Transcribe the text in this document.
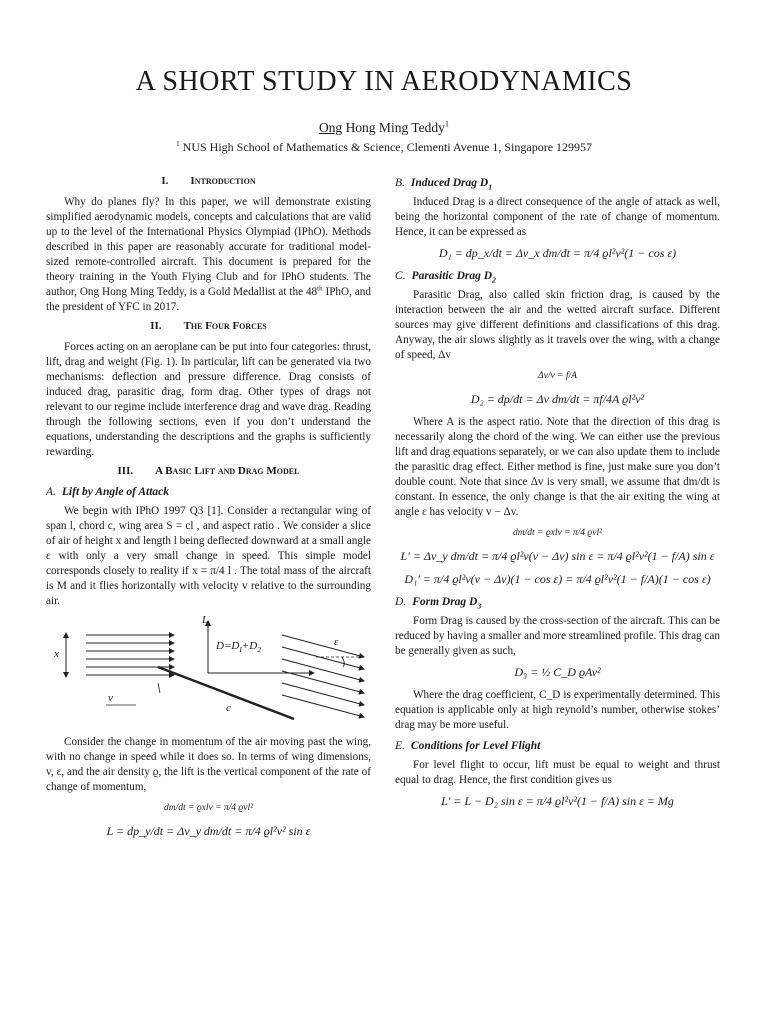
A SHORT STUDY IN AERODYNAMICS
Ong Hong Ming Teddy$^1$
$^1$ NUS High School of Mathematics & Science, Clementi Avenue 1, Singapore 129957
I. Introduction

Why do planes fly? In this paper, we will demonstrate existing simplified aerodynamic models, concepts and calculations that are valid up to the level of the International Physics Olympiad (IPhO). Methods described in this paper are reasonably accurate for traditional model-sized remote-controlled aircraft. This document is prepared for the theory training in the Youth Flying Club and for IPhO students. The author, Ong Hong Ming Teddy, is a Gold Medallist at the 48th IPhO, and the president of YFC in 2017.

II. The Four Forces

Forces acting on an aeroplane can be put into four categories: thrust, lift, drag and weight (Fig. 1). In particular, lift can be generated via two mechanisms: deflection and pressure difference. Drag consists of induced drag, parasitic drag, form drag. Other types of drags not relevant to our regime include interference drag and wave drag. Reading through the following sections, even if you don’t understand the equations, understanding the descriptions and the graphs is sufficiently rewarding.

III. A Basic Lift and Drag Model
A. Lift by Angle of Attack

We begin with IPhO 1997 Q3 [1]. Consider a rectangular wing of span l, chord c, wing area S = cl , and aspect ratio . We consider a slice of air of height x and length l being deflected downward at a small angle ε with only a very small change in speed. This simple model corresponds closely to reality if x = π/4 l . The total mass of the aircraft is M and it flies horizontally with velocity v relative to the surrounding air.

L
$D=D_I+D_2$
x
v
c
ε

Consider the change in momentum of the air moving past the wing, with no change in speed while it does so. In terms of wing dimensions, v, ε, and the air density ϱ, the lift is the vertical component of the rate of change of momentum,

dm/dt = ϱxlv = π/4 ϱvl²
L = dp_y/dt = Δv_y dm/dt = π/4 ϱl²v² sin ε
B. Induced Drag $D_1$

Induced Drag is a direct consequence of the angle of attack as well, being the horizontal component of the rate of change of momentum. Hence, it can be expressed as

D₁ = dp_x/dt = Δv_x dm/dt = π/4 ϱl²v²(1 − cos ε)
C. Parasitic Drag $D_2$

Parasitic Drag, also called skin friction drag, is caused by the interaction between the air and the wetted aircraft surface. Different sources may give different definitions and classifications of this drag. Anyway, the air slows slightly as it travels over the wing, with a change of speed, Δv

Δv/v = f/A
D₂ = dp/dt = Δv dm/dt = πf/4A ϱl²v²

Where A is the aspect ratio. Note that the direction of this drag is necessarily along the chord of the wing. We can either use the previous lift and drag equations separately, or we can also update them to include the parasitic drag effect. Either method is fine, just make sure you don’t double count. Note that since Δv is very small, we assume that dm/dt is constant. In essence, the only change is that the air exiting the wing at angle ε has velocity v − Δv.

dm/dt = ϱxlv = π/4 ϱvl²
L′ = Δv_y dm/dt = π/4 ϱl²v(v − Δv) sin ε = π/4 ϱl²v²(1 − f/A) sin ε
D₁′ = π/4 ϱl²v(v − Δv)(1 − cos ε) = π/4 ϱl²v²(1 − f/A)(1 − cos ε)
D. Form Drag $D_3$

Form Drag is caused by the cross-section of the aircraft. This can be reduced by having a smaller and more streamlined profile. This drag can be generally given as such,

D₃ = ½ C_D ϱAv²

Where the drag coefficient, C_D is experimentally determined. This equation is applicable only at high reynold’s number, otherwise stokes’ drag may be more useful.

E. Conditions for Level Flight

For level flight to occur, lift must be equal to weight and thrust equal to drag. Hence, the first condition gives us

L′ = L − D₂ sin ε = π/4 ϱl²v²(1 − f/A) sin ε = Mg
